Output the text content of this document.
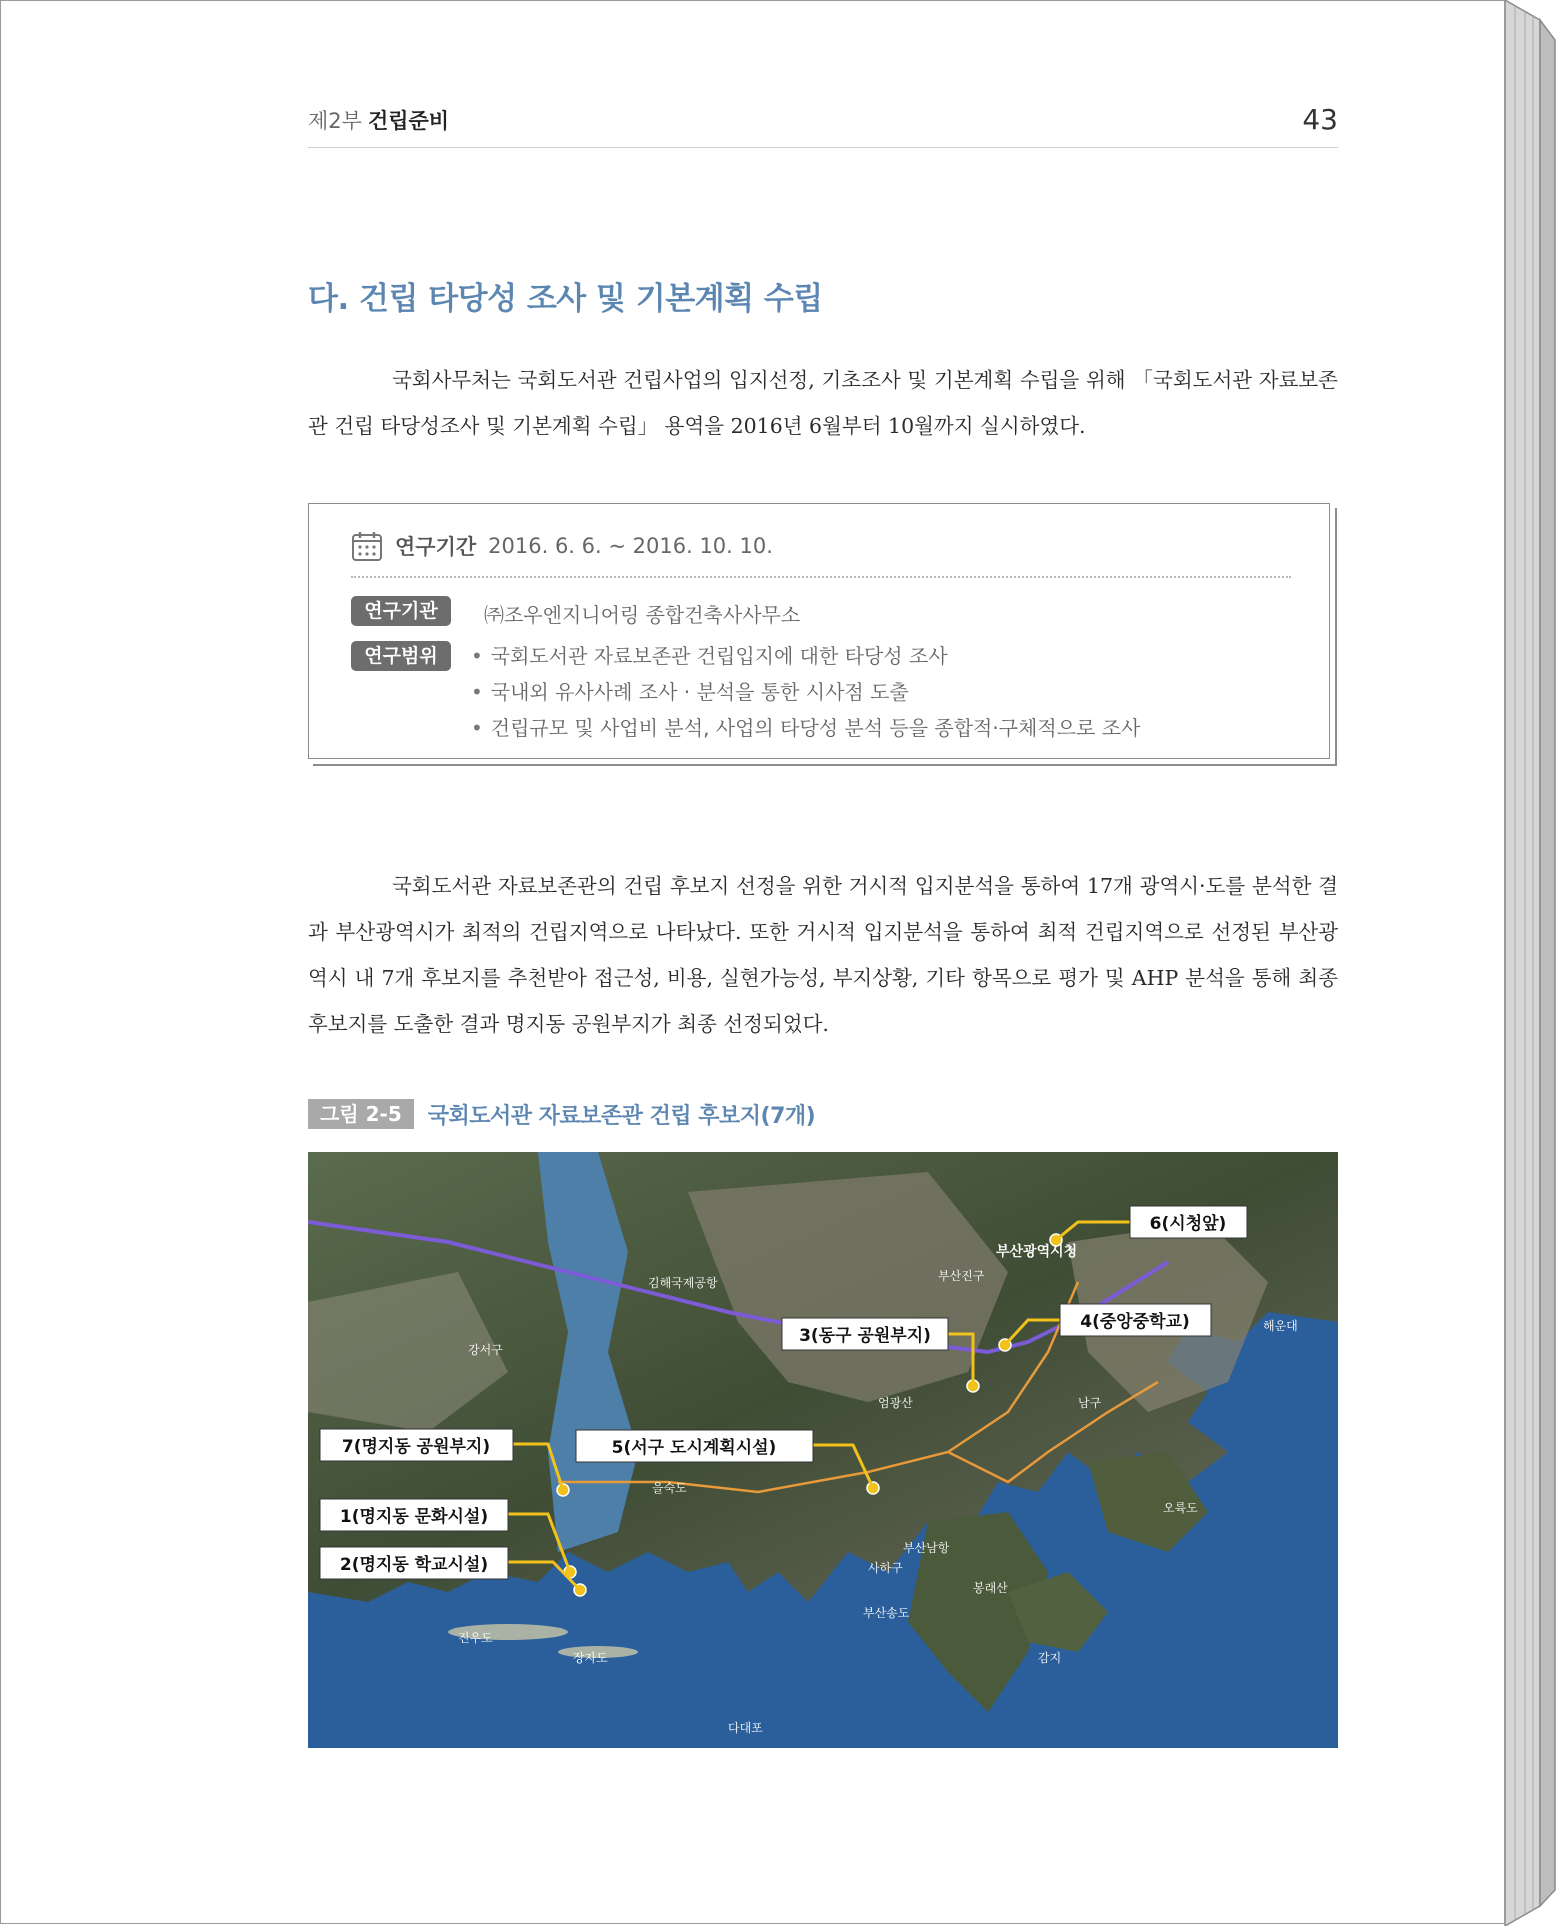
제2부 건립준비	43
다. 건립 타당성 조사 및 기본계획 수립

국회사무처는 국회도서관 건립사업의 입지선정, 기초조사 및 기본계획 수립을 위해 「국회도서관 자료보존관 건립 타당성조사 및 기본계획 수립」 용역을 2016년 6월부터 10월까지 실시하였다.

연구기간 2016. 6. 6. ~ 2016. 10. 10.
연구기관	㈜조우엔지니어링 종합건축사사무소
연구범위
•	국회도서관 자료보존관 건립입지에 대한 타당성 조사
• 국내외 유사사례 조사 · 분석을 통한 시사점 도출
• 건립규모 및 사업비 분석, 사업의 타당성 분석 등을 종합적·구체적으로 조사

국회도서관 자료보존관의 건립 후보지 선정을 위한 거시적 입지분석을 통하여 17개 광역시·도를 분석한 결과 부산광역시가 최적의 건립지역으로 나타났다. 또한 거시적 입지분석을 통하여 최적 건립지역으로 선정된 부산광역시 내 7개 후보지를 추천받아 접근성, 비용, 실현가능성, 부지상황, 기타 항목으로 평가 및 AHP 분석을 통해 최종 후보지를 도출한 결과 명지동 공원부지가 최종 선정되었다.

그림 2-5	국회도서관 자료보존관 건립 후보지(7개)
7(명지동 공원부지)
1(명지동 문화시설)
2(명지동 학교시설)
5(서구 도시계획시설)
3(동구 공원부지)
4(중앙중학교)
6(시청앞)
강서구
김해국제공항
부산광역시청
부산진구
사하구
을숙도
진우도
장자도
다대포
오륙도
엄광산
부산남항
부산송도
봉래산
남구
해운대
감지
